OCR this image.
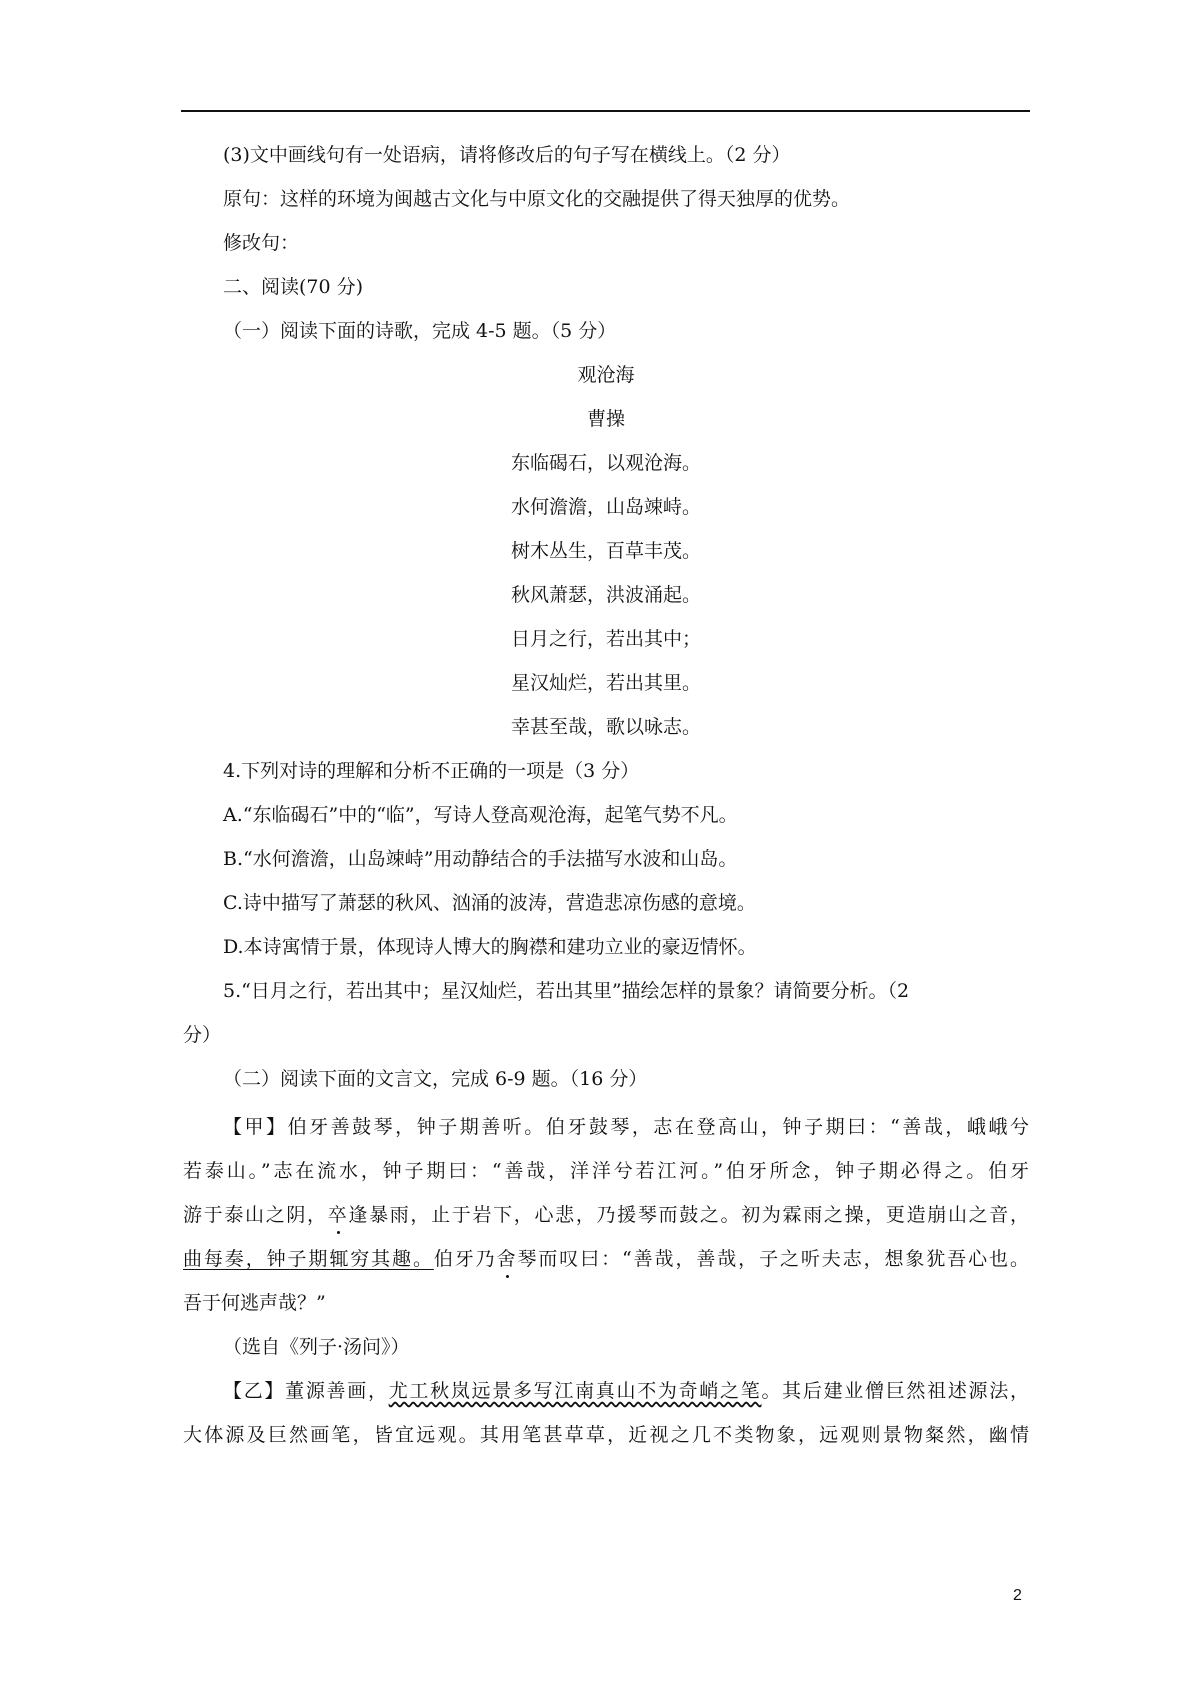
(3)文中画线句有一处语病，请将修改后的句子写在横线上。（2 分）
原句：这样的环境为闽越古文化与中原文化的交融提供了得天独厚的优势。
修改句：
二、阅读(70 分)
（一）阅读下面的诗歌，完成 4-5 题。（5 分）
观沧海
曹操
东临碣石，以观沧海。
水何澹澹，山岛竦峙。
树木丛生，百草丰茂。
秋风萧瑟，洪波涌起。
日月之行，若出其中；
星汉灿烂，若出其里。
幸甚至哉，歌以咏志。
4.下列对诗的理解和分析不正确的一项是（3 分）
A.“东临碣石”中的“临”，写诗人登高观沧海，起笔气势不凡。
B.“水何澹澹，山岛竦峙”用动静结合的手法描写水波和山岛。
C.诗中描写了萧瑟的秋风、汹涌的波涛，营造悲凉伤感的意境。
D.本诗寓情于景，体现诗人博大的胸襟和建功立业的豪迈情怀。
5.“日月之行，若出其中；星汉灿烂，若出其里”描绘怎样的景象？请简要分析。（2
分）
（二）阅读下面的文言文，完成 6-9 题。（16 分）
【甲】伯牙善鼓琴，钟子期善听。伯牙鼓琴，志在登高山，钟子期曰：“善哉，峨峨兮
若泰山。”志在流水，钟子期曰：“善哉，洋洋兮若江河。”伯牙所念，钟子期必得之。伯牙
游于泰山之阴，卒逢暴雨，止于岩下，心悲，乃援琴而鼓之。初为霖雨之操，更造崩山之音，
曲每奏，钟子期辄穷其趣。伯牙乃舍琴而叹曰：“善哉，善哉，子之听夫志，想象犹吾心也。
吾于何逃声哉？”
（选自《列子·汤问》）
【乙】董源善画，尤工秋岚远景多写江南真山不为奇峭之笔。其后建业僧巨然祖述源法，
大体源及巨然画笔，皆宜远观。其用笔甚草草，近视之几不类物象，远观则景物粲然，幽情
2
